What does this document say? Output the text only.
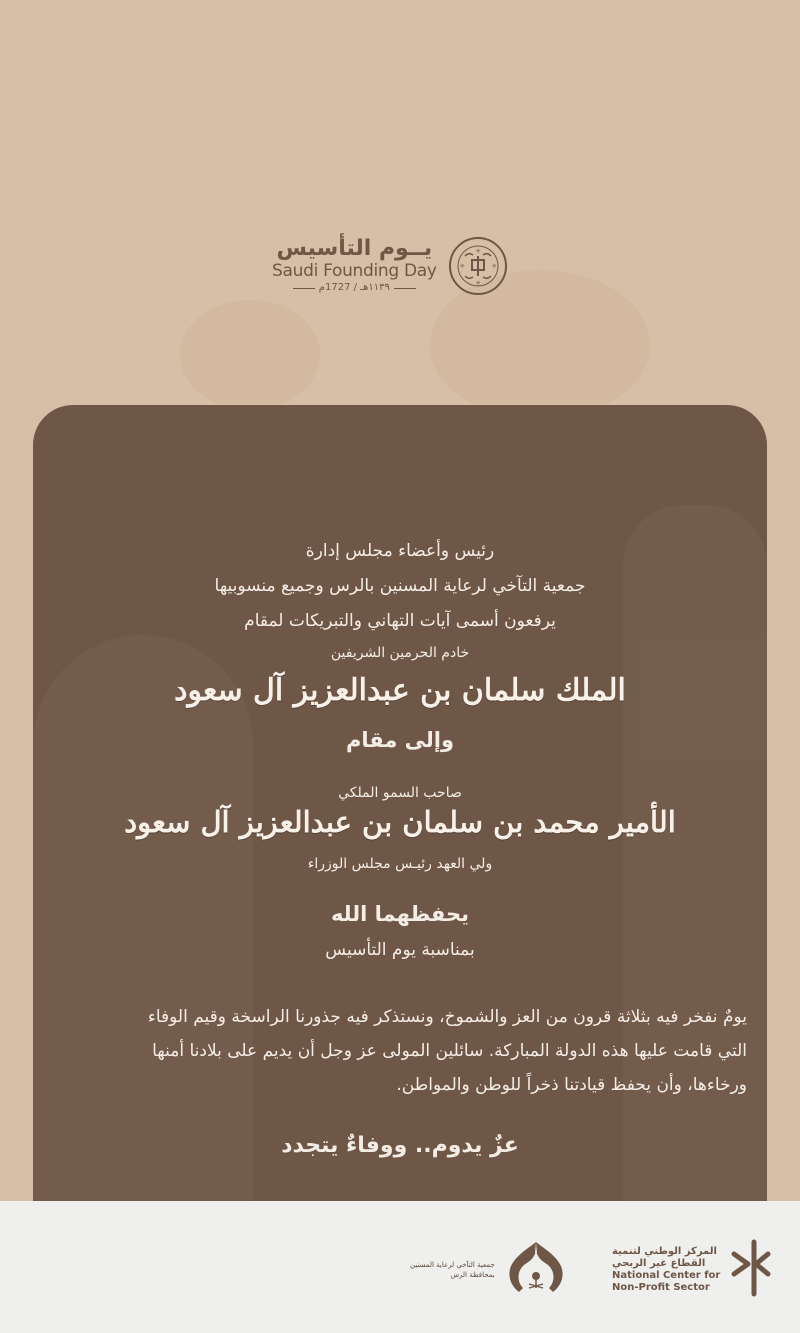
يــوم التأسيس
Saudi Founding Day
١١٣٩هـ / 1727م
✳
✳
✳	✳
رئيس وأعضاء مجلس إدارة
جمعية التآخي لرعاية المسنين بالرس وجميع منسوبيها
يرفعون أسمى آيات التهاني والتبريكات لمقام
خادم الحرمين الشريفين
الملك سلمان بن عبدالعزيز آل سعود
وإلى مقام
صاحب السمو الملكي
الأمير محمد بن سلمان بن عبدالعزيز آل سعود
ولي العهد رئيـس مجلس الوزراء
يحفظهما الله
بمناسبة يوم التأسيس
يومٌ نفخر فيه بثلاثة قرون من العز والشموخ، ونستذكر فيه جذورنا الراسخة وقيم الوفاء
التي قامت عليها هذه الدولة المباركة. سائلين المولى عز وجل أن يديم على بلادنا أمنها
ورخاءها، وأن يحفظ قيادتنا ذخراً للوطن والمواطن.
عزٌ يدوم.. ووفاءٌ يتجدد
جمعية التآخي لرعاية المسنين
بمحافظة الرس
المركز الوطني لتنمية
القطاع غير الربحي
National Center for
Non-Profit Sector
